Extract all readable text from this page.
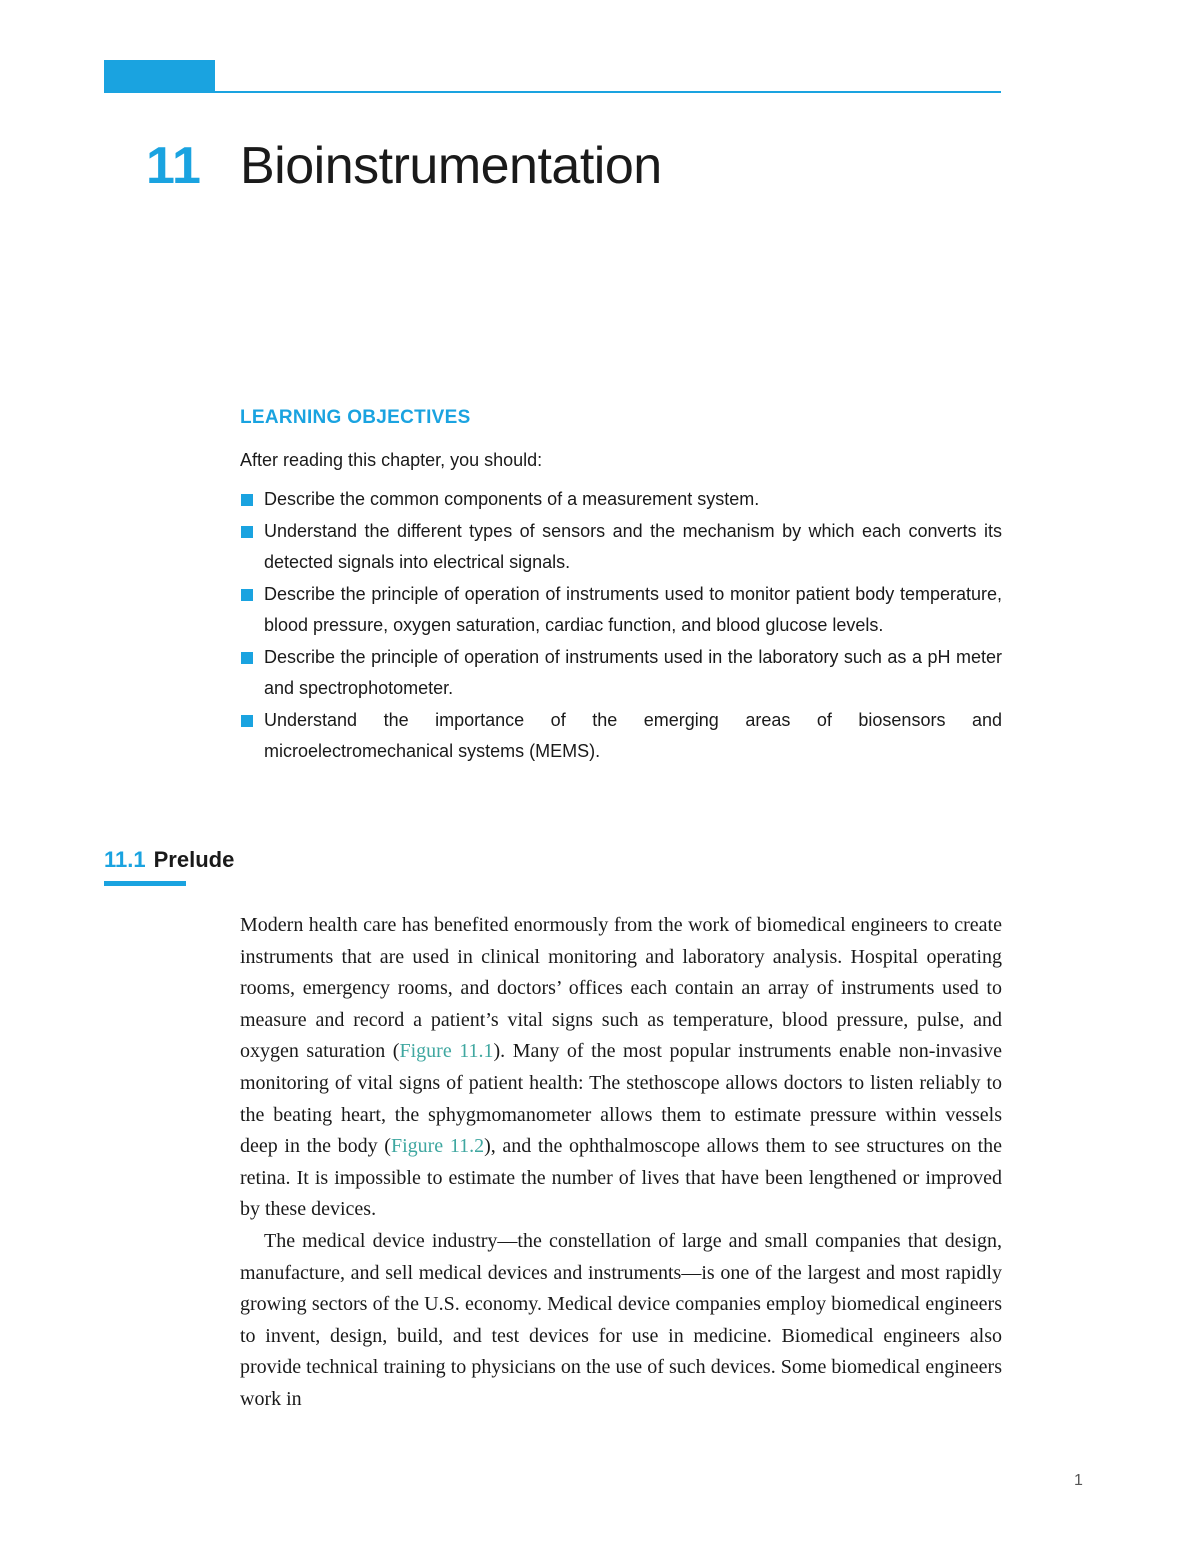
11 Bioinstrumentation
LEARNING OBJECTIVES
After reading this chapter, you should:
Describe the common components of a measurement system.
Understand the different types of sensors and the mechanism by which each converts its detected signals into electrical signals.
Describe the principle of operation of instruments used to monitor patient body temperature, blood pressure, oxygen saturation, cardiac function, and blood glucose levels.
Describe the principle of operation of instruments used in the laboratory such as a pH meter and spectrophotometer.
Understand the importance of the emerging areas of biosensors and microelectromechanical systems (MEMS).
11.1 Prelude

Modern health care has benefited enormously from the work of biomedical engineers to create instruments that are used in clinical monitoring and laboratory analysis. Hospital operating rooms, emergency rooms, and doctors’ offices each contain an array of instruments used to measure and record a patient’s vital signs such as temperature, blood pressure, pulse, and oxygen saturation (Figure 11.1). Many of the most popular instruments enable non-invasive monitoring of vital signs of patient health: The stethoscope allows doctors to listen reliably to the beating heart, the sphygmomanometer allows them to estimate pressure within vessels deep in the body (Figure 11.2), and the ophthalmoscope allows them to see structures on the retina. It is impossible to estimate the number of lives that have been lengthened or improved by these devices.

The medical device industry—the constellation of large and small companies that design, manufacture, and sell medical devices and instruments—is one of the largest and most rapidly growing sectors of the U.S. economy. Medical device companies employ biomedical engineers to invent, design, build, and test devices for use in medicine. Biomedical engineers also provide technical training to physicians on the use of such devices. Some biomedical engineers work in

1
